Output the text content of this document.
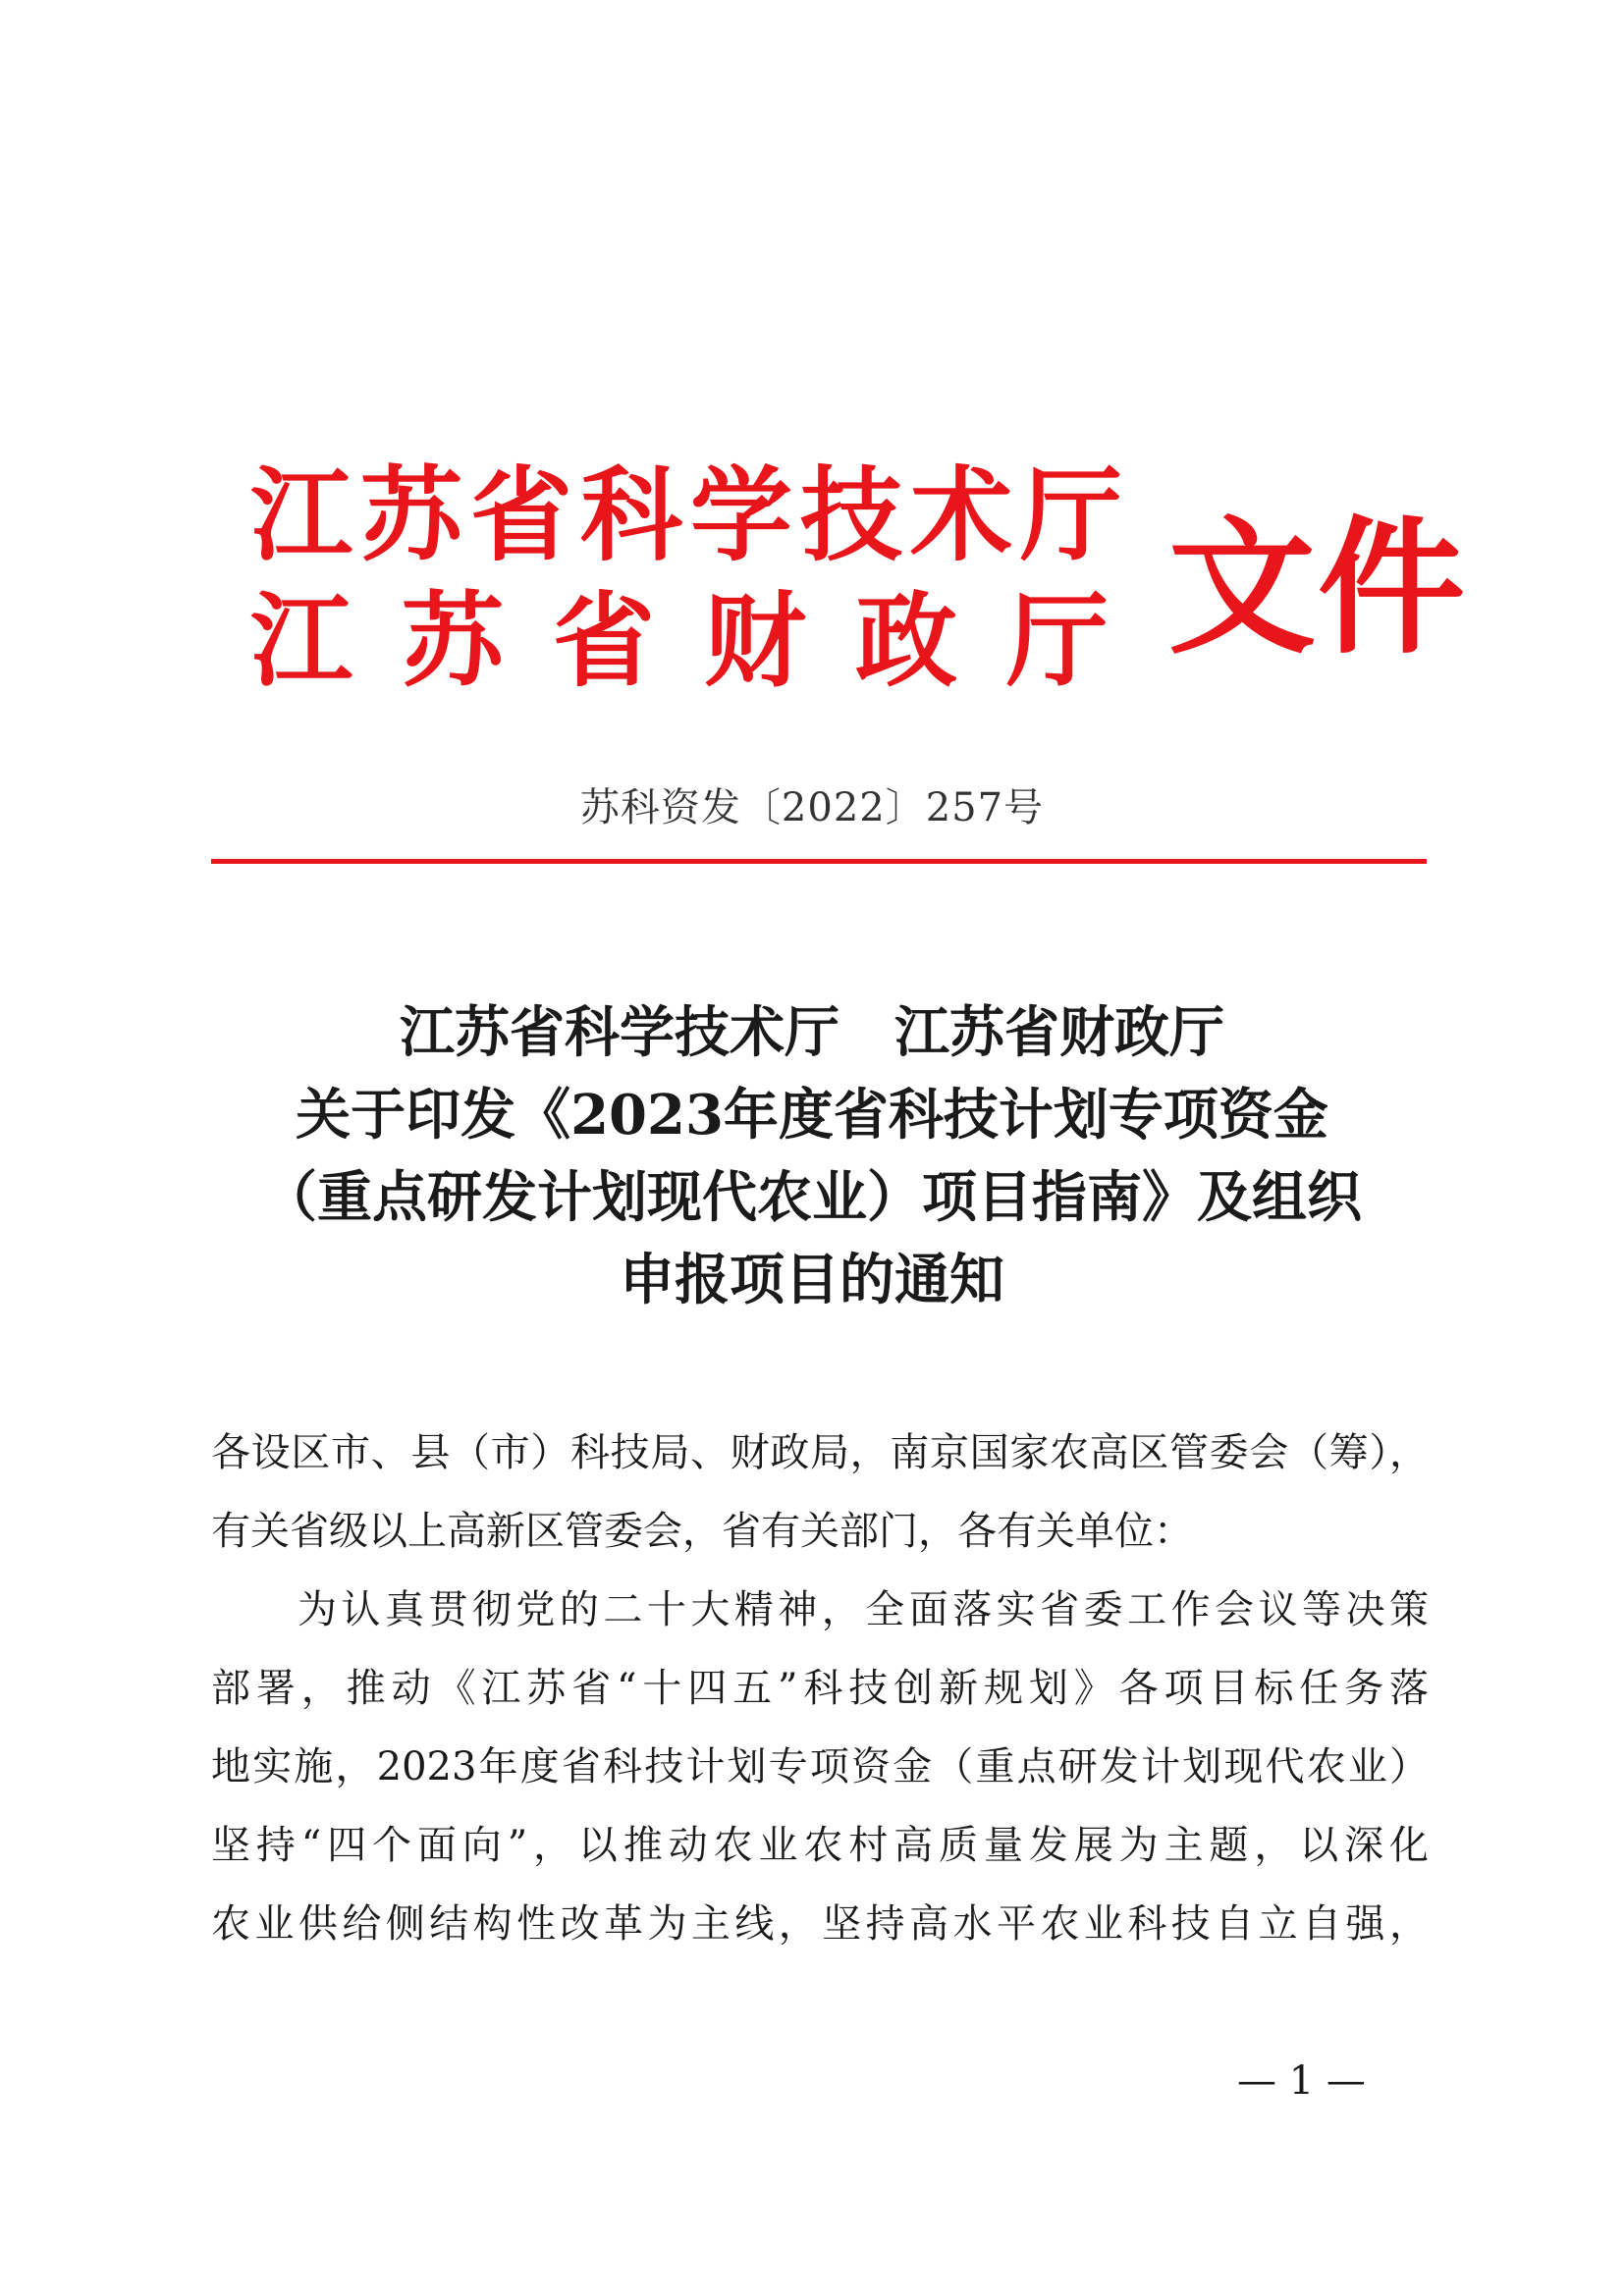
江苏省科学技术厅
江苏省财政厅 文件
苏科资发〔2022〕257号
江苏省科学技术厅　江苏省财政厅
关于印发《2023年度省科技计划专项资金
（重点研发计划现代农业）项目指南》及组织
申报项目的通知
各设区市、县（市）科技局、财政局，南京国家农高区管委会（筹），
有关省级以上高新区管委会，省有关部门，各有关单位：
为认真贯彻党的二十大精神，全面落实省委工作会议等决策
部署，推动《江苏省“十四五”科技创新规划》各项目标任务落
地实施，2023年度省科技计划专项资金（重点研发计划现代农业）
坚持“四个面向”，以推动农业农村高质量发展为主题，以深化
农业供给侧结构性改革为主线，坚持高水平农业科技自立自强，
— 1 —
